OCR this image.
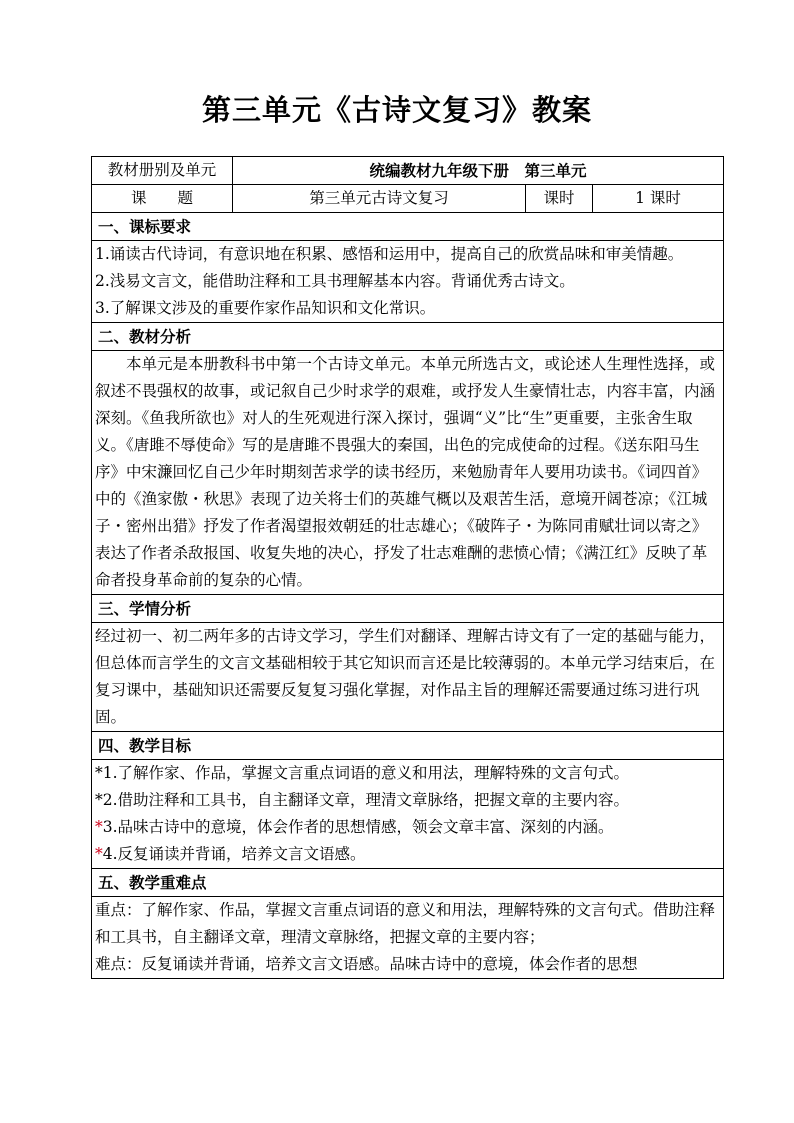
第三单元《古诗文复习》教案
教材册别及单元	统编教材九年级下册　第三单元		
课　　题	第三单元古诗文复习	课时	1 课时
一、课标要求			

1.诵读古代诗词，有意识地在积累、感悟和运用中，提高自己的欣赏品味和审美情趣。

2.浅易文言文，能借助注释和工具书理解基本内容。背诵优秀古诗文。

3.了解课文涉及的重要作家作品知识和文化常识。			

二、教材分析			

本单元是本册教科书中第一个古诗文单元。本单元所选古文，或论述人生理性选择，或叙述不畏强权的故事，或记叙自己少时求学的艰难，或抒发人生豪情壮志，内容丰富，内涵深刻。《鱼我所欲也》对人的生死观进行深入探讨，强调“义”比“生”更重要，主张舍生取义。《唐雎不辱使命》写的是唐雎不畏强大的秦国，出色的完成使命的过程。《送东阳马生序》中宋濂回忆自己少年时期刻苦求学的读书经历，来勉励青年人要用功读书。《词四首》中的《渔家傲・秋思》表现了边关将士们的英雄气概以及艰苦生活，意境开阔苍凉；《江城子・密州出猎》抒发了作者渴望报效朝廷的壮志雄心；《破阵子・为陈同甫赋壮词以寄之》表达了作者杀敌报国、收复失地的决心，抒发了壮志难酬的悲愤心情；《满江红》反映了革命者投身革命前的复杂的心情。			

三、学情分析			

经过初一、初二两年多的古诗文学习，学生们对翻译、理解古诗文有了一定的基础与能力，但总体而言学生的文言文基础相较于其它知识而言还是比较薄弱的。本单元学习结束后，在复习课中，基础知识还需要反复复习强化掌握，对作品主旨的理解还需要通过练习进行巩固。			

四、教学目标			

*1.了解作家、作品，掌握文言重点词语的意义和用法，理解特殊的文言句式。

*2.借助注释和工具书，自主翻译文章，理清文章脉络，把握文章的主要内容。

*3.品味古诗中的意境，体会作者的思想情感，领会文章丰富、深刻的内涵。

*4.反复诵读并背诵，培养文言文语感。			

五、教学重难点			

重点：了解作家、作品，掌握文言重点词语的意义和用法，理解特殊的文言句式。借助注释和工具书，自主翻译文章，理清文章脉络，把握文章的主要内容；

难点：反复诵读并背诵，培养文言文语感。品味古诗中的意境，体会作者的思想			
